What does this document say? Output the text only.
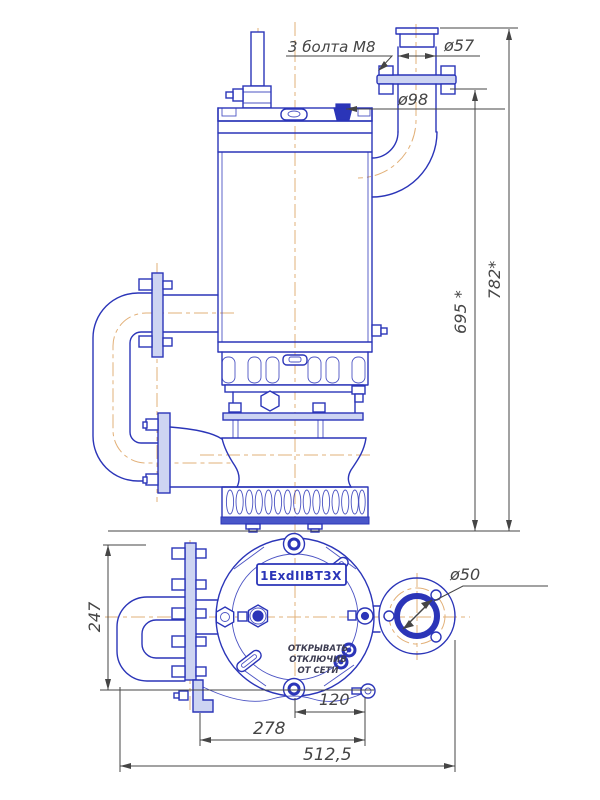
1ExdIIBT3X
ОТКРЫВАТЬ
ОТКЛЮЧИВ
ОТ СЕТИ
ø57
3 болта М8
ø98
695 *
782*
247
120
278
512,5
ø50
